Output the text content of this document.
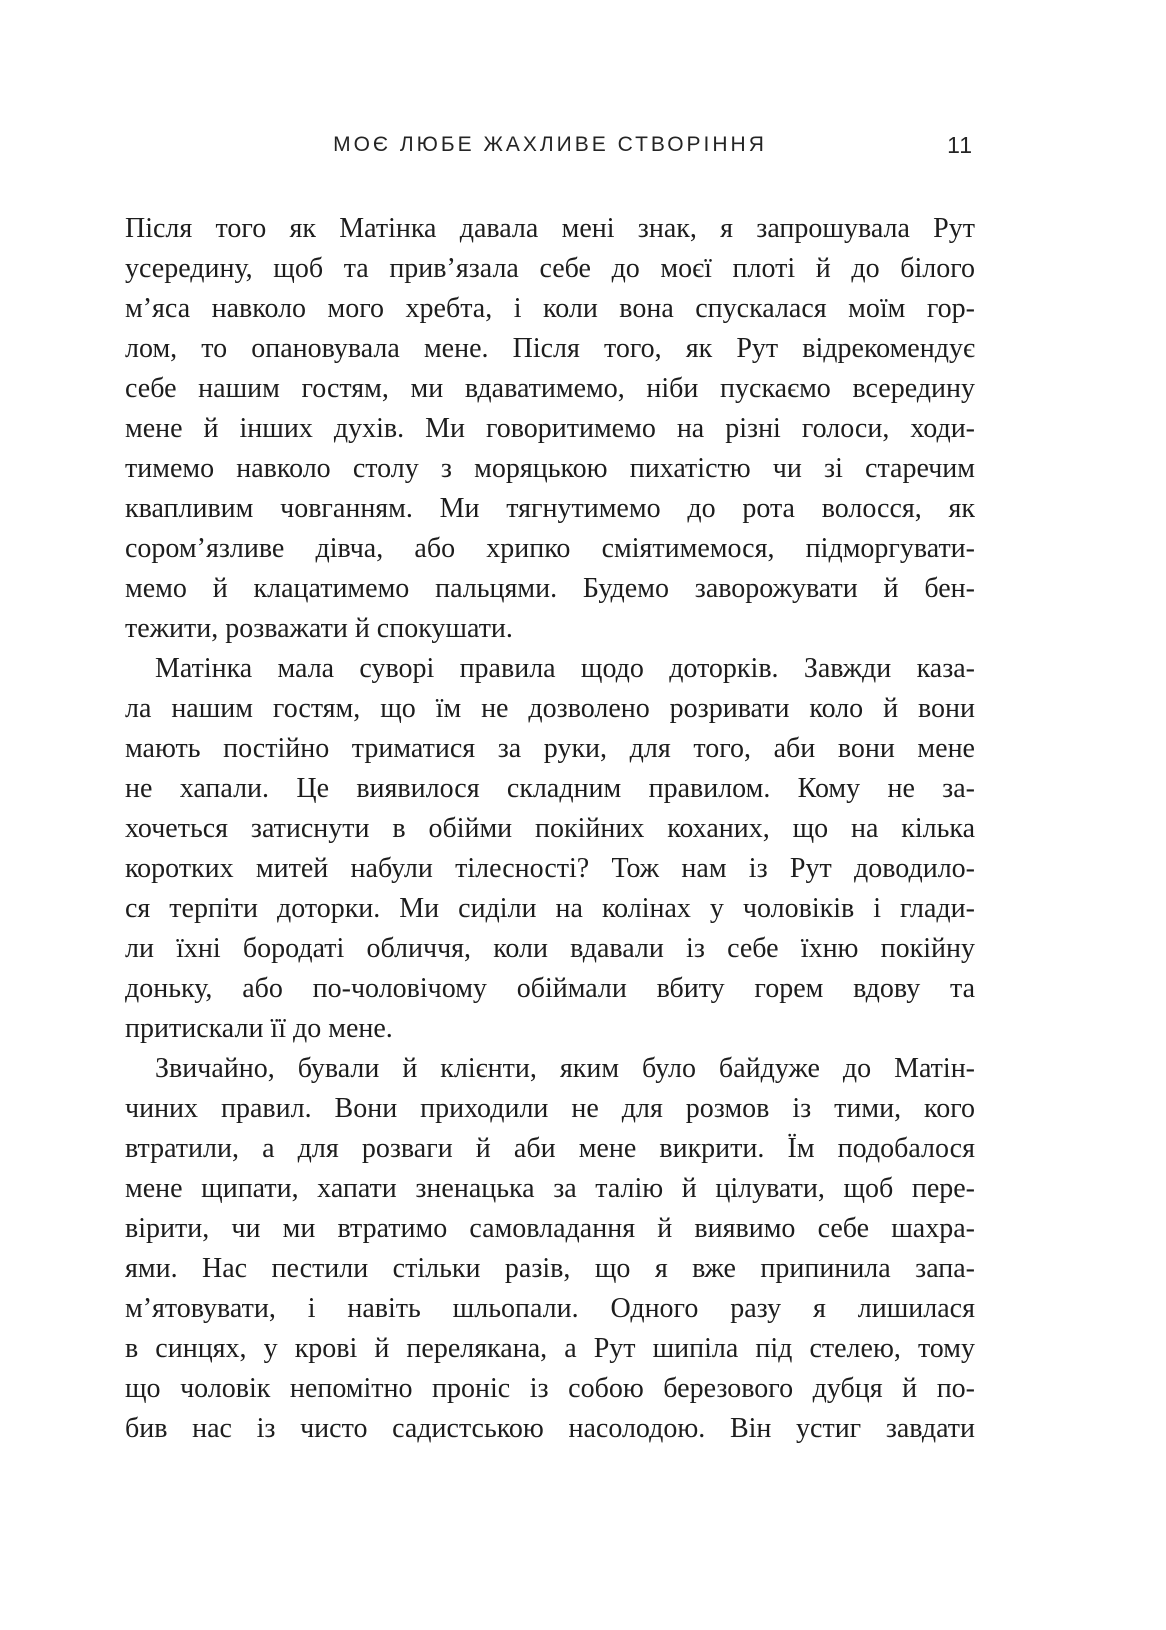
МОЄ ЛЮБЕ ЖАХЛИВЕ СТВОРІННЯ	11
Після того як Матінка давала мені знак, я запрошувала Рут
усередину, щоб та прив’язала себе до моєї плоті й до білого
м’яса навколо мого хребта, і коли вона спускалася моїм гор-
лом, то опановувала мене. Після того, як Рут відрекомендує
себе нашим гостям, ми вдаватимемо, ніби пускаємо всередину
мене й інших духів. Ми говоритимемо на різні голоси, ходи-
тимемо навколо столу з моряцькою пихатістю чи зі старечим
квапливим човганням. Ми тягнутимемо до рота волосся, як
сором’язливе дівча, або хрипко сміятимемося, підморгувати-
мемо й клацатимемо пальцями. Будемо заворожувати й бен-
тежити, розважати й спокушати.
Матінка мала суворі правила щодо доторків. Завжди каза-
ла нашим гостям, що їм не дозволено розривати коло й вони
мають постійно триматися за руки, для того, аби вони мене
не хапали. Це виявилося складним правилом. Кому не за-
хочеться затиснути в обійми покійних коханих, що на кілька
коротких митей набули тілесності? Тож нам із Рут доводило-
ся терпіти доторки. Ми сиділи на колінах у чоловіків і глади-
ли їхні бородаті обличчя, коли вдавали із себе їхню покійну
доньку, або по-чоловічому обіймали вбиту горем вдову та
притискали її до мене.
Звичайно, бували й клієнти, яким було байдуже до Матін-
чиних правил. Вони приходили не для розмов із тими, кого
втратили, а для розваги й аби мене викрити. Їм подобалося
мене щипати, хапати зненацька за талію й цілувати, щоб пере-
вірити, чи ми втратимо самовладання й виявимо себе шахра-
ями. Нас пестили стільки разів, що я вже припинила запа-
м’ятовувати, і навіть шльопали. Одного разу я лишилася
в синцях, у крові й перелякана, а Рут шипіла під стелею, тому
що чоловік непомітно проніс із собою березового дубця й по-
бив нас із чисто садистською насолодою. Він устиг завдати
